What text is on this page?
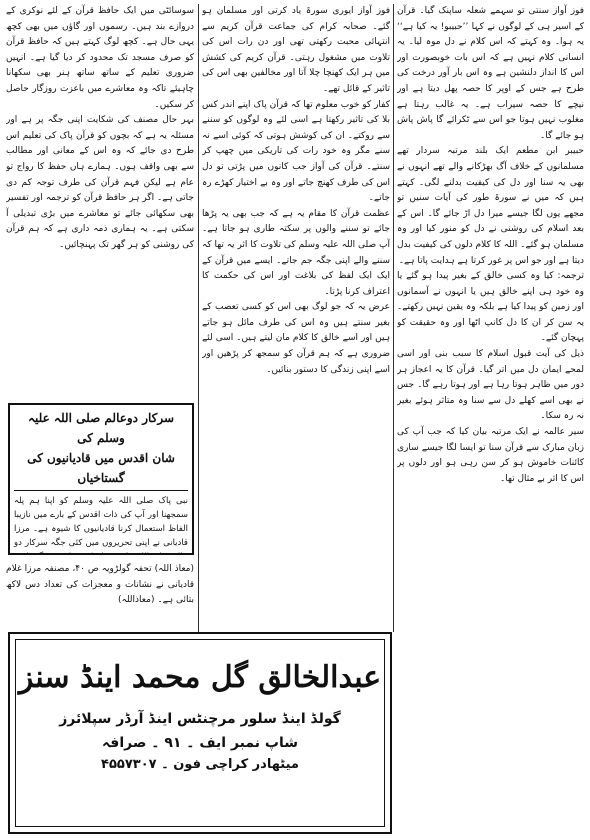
فوز آواز سنتی تو سہمے شعلہ ساپنک گیا۔ قرآن کے اسیر ہی کے لوگوں نے کہا ’’حبیبو! یہ کیا ہے‘‘ یہ ہوا۔ وہ کہتے کہ اس کلام نے دل موہ لیا۔ یہ انسانی کلام نہیں ہے کہ اس بات خوبصورت اور اس کا انداز دلنشین ہے وہ اس بار آور درخت کی طرح ہے جس کے اوپر کا حصہ پھل دیتا ہے اور نیچے کا حصہ سیراب ہے۔ یہ غالب رہتا ہے مغلوب نہیں ہوتا جو اس سے ٹکرائے گا پاش پاش ہو جائے گا۔

حبیبر ابن مطعم ایک بلند مرتبہ سردار تھے مسلمانوں کے خلاف آگ بھڑکانے والے تھے انہوں نے بھی یہ سنا اور دل کی کیفیت بدلنے لگی۔ کہتے ہیں کہ میں نے سورۃ طور کی آیات سنیں تو مجھے یوں لگا جیسے میرا دل اڑ جائے گا۔ اس کے بعد اسلام کی روشنی نے دل کو منور کیا اور وہ مسلمان ہو گئے۔ اللہ کا کلام دلوں کی کیفیت بدل دیتا ہے اور جو اس پر غور کرتا ہے ہدایت پاتا ہے۔

ترجمہ: کیا وہ کسی خالق کے بغیر پیدا ہو گئے یا وہ خود ہی اپنے خالق ہیں یا انہوں نے آسمانوں اور زمین کو پیدا کیا ہے بلکہ وہ یقین نہیں رکھتے۔ یہ سن کر ان کا دل کانپ اٹھا اور وہ حقیقت کو پہچان گئے۔

ذیل کی آیت قبول اسلام کا سبب بنی اور اسی لمحے ایمان دل میں اتر گیا۔ قرآن کا یہ اعجاز ہر دور میں ظاہر ہوتا رہا ہے اور ہوتا رہے گا۔ جس نے بھی اسے کھلے دل سے سنا وہ متاثر ہوئے بغیر نہ رہ سکا۔

سیر عالمہ نے ایک مرتبہ بیان کیا کہ جب آپ کی زبان مبارک سے قرآن سنا تو ایسا لگا جیسے ساری کائنات خاموش ہو کر سن رہی ہو اور دلوں پر اس کا اثر بے مثال تھا۔

فوز آواز ایوری سورۃ یاد کرتی اور مسلمان ہو گئے۔ صحابہ کرام کی جماعت قرآن کریم سے انتہائی محبت رکھتی تھی اور دن رات اس کی تلاوت میں مشغول رہتی۔ قرآن کریم کی کشش میں ہر ایک کھنچا چلا آتا اور مخالفین بھی اس کی تاثیر کے قائل تھے۔

کفار کو خوب معلوم تھا کہ قرآن پاک اپنے اندر کس بلا کی تاثیر رکھتا ہے اسی لئے وہ لوگوں کو سننے سے روکتے۔ ان کی کوشش ہوتی کہ کوئی اسے نہ سنے مگر وہ خود رات کی تاریکی میں چھپ کر سنتے۔ قرآن کی آواز جب کانوں میں پڑتی تو دل اس کی طرف کھنچ جاتے اور وہ بے اختیار کھڑے رہ جاتے۔

عظمت قرآن کا مقام یہ ہے کہ جب بھی یہ پڑھا جائے تو سننے والوں پر سکتہ طاری ہو جاتا ہے۔ آپ صلی اللہ علیہ وسلم کی تلاوت کا اثر یہ تھا کہ سننے والے اپنی جگہ جم جاتے۔ ایسے میں قرآن کے ایک ایک لفظ کی بلاغت اور اس کی حکمت کا اعتراف کرنا پڑتا۔

عرض یہ کہ جو لوگ بھی اس کو کسی تعصب کے بغیر سنتے ہیں وہ اس کی طرف مائل ہو جاتے ہیں اور اسے خالق کا کلام مان لیتے ہیں۔ اسی لئے ضروری ہے کہ ہم قرآن کو سمجھ کر پڑھیں اور اسے اپنی زندگی کا دستور بنائیں۔

سوسائٹی میں ایک حافظ قرآن کے لئے نوکری کے دروازے بند ہیں۔ رسموں اور گاؤں میں بھی کچھ یہی حال ہے۔ کچھ لوگ کہتے ہیں کہ حافظ قرآن کو صرف مسجد تک محدود کر دیا گیا ہے۔ انہیں ضروری تعلیم کے ساتھ ساتھ ہنر بھی سکھانا چاہیئے تاکہ وہ معاشرے میں باعزت روزگار حاصل کر سکیں۔

بہر حال مصنف کی شکایت اپنی جگہ پر ہے اور مسئلہ یہ ہے کہ بچوں کو قرآن پاک کی تعلیم اس طرح دی جائے کہ وہ اس کے معانی اور مطالب سے بھی واقف ہوں۔ ہمارے ہاں حفظ کا رواج تو عام ہے لیکن فہم قرآن کی طرف توجہ کم دی جاتی ہے۔ اگر ہر حافظ قرآن کو ترجمہ اور تفسیر بھی سکھائی جائے تو معاشرے میں بڑی تبدیلی آ سکتی ہے۔ یہ ہماری ذمہ داری ہے کہ ہم قرآن کی روشنی کو ہر گھر تک پہنچائیں۔

سرکار دوعالم صلی اللہ علیہ وسلم کی
شان اقدس میں قادیانیوں کی گستاخیاں
نبی پاک صلی اللہ علیہ وسلم کو اپنا ہم پلہ سمجھنا اور آپ کی ذات اقدس کے بارے میں نازیبا الفاظ استعمال کرنا قادیانیوں کا شیوہ ہے۔ مرزا قادیانی نے اپنی تحریروں میں کئی جگہ سرکار دو

(معاذ اللہ) تحفہ گولڑویہ ص ۴۰، مصنفہ مرزا غلام قادیانی نے نشانات و معجزات کی تعداد دس لاکھ بتائی ہے۔ (معاذاللہ)

عبدالخالق گل محمد اینڈ سنز
گولڈ اینڈ سلور مرچنٹس اینڈ آرڈر سپلائرز
شاپ نمبر ایف ۔ ۹۱ ۔ صرافہ
میٹھادر کراچی فون ۔ ۴۵۵۷۳۰۷
